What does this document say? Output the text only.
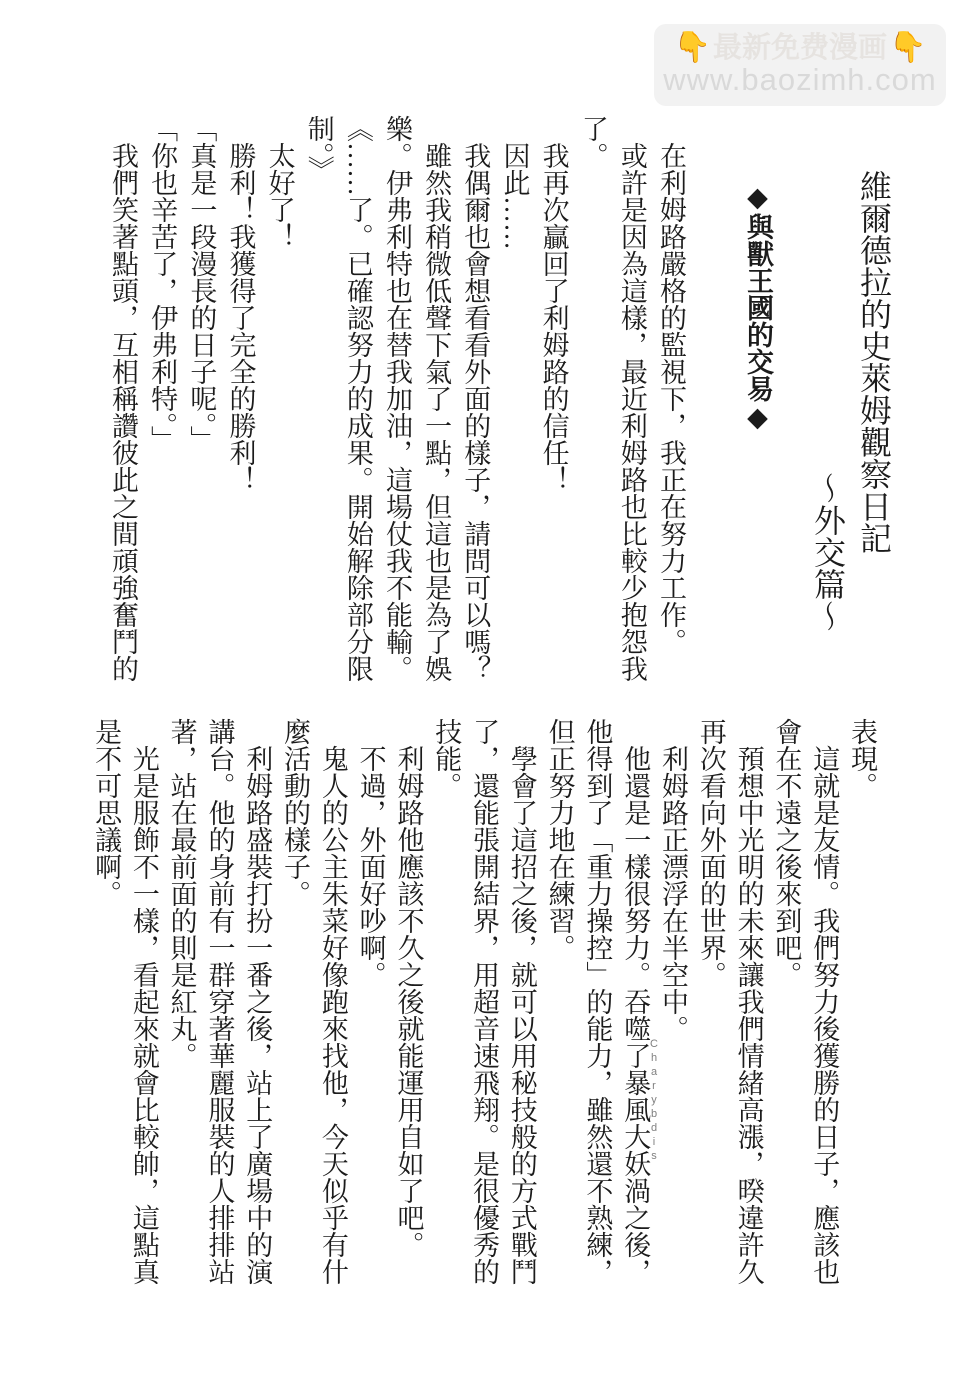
👇 最新免费漫画 👇
www.baozimh.com
維爾德拉的史萊姆觀察日記
～外交篇～
◆與獸王國的交易◆

在利姆路嚴格的監視下，我正在努力工作。

或許是因為這樣，最近利姆路也比較少抱怨我了。

我再次贏回了利姆路的信任！

因此……

我偶爾也會想看看外面的樣子，請問可以嗎？

雖然我稍微低聲下氣了一點，但這也是為了娛樂。伊弗利特也在替我加油，這場仗我不能輸。

《……了。已確認努力的成果。開始解除部分限制。》

太好了！

勝利！我獲得了完全的勝利！

「真是一段漫長的日子呢。」

「你也辛苦了，伊弗利特。」

我們笑著點頭，互相稱讚彼此之間頑強奮鬥的

表現。

這就是友情。我們努力後獲勝的日子，應該也會在不遠之後來到吧。

預想中光明的未來讓我們情緒高漲，暌違許久再次看向外面的世界。

利姆路正漂浮在半空中。

他還是一樣很努力。吞噬了暴風大妖渦之後，他得到了「重力操控」的能力，雖然還不熟練，但正努力地在練習。

學會了這招之後，就可以用秘技般的方式戰鬥了，還能張開結界，用超音速飛翔。是很優秀的技能。

利姆路他應該不久之後就能運用自如了吧。

不過，外面好吵啊。

鬼人的公主朱菜好像跑來找他，今天似乎有什麼活動的樣子。

利姆路盛裝打扮一番之後，站上了廣場中的演講台。他的身前有一群穿著華麗服裝的人排排站著，站在最前面的則是紅丸。

光是服飾不一樣，看起來就會比較帥，這點真是不可思議啊。

Charybdis
